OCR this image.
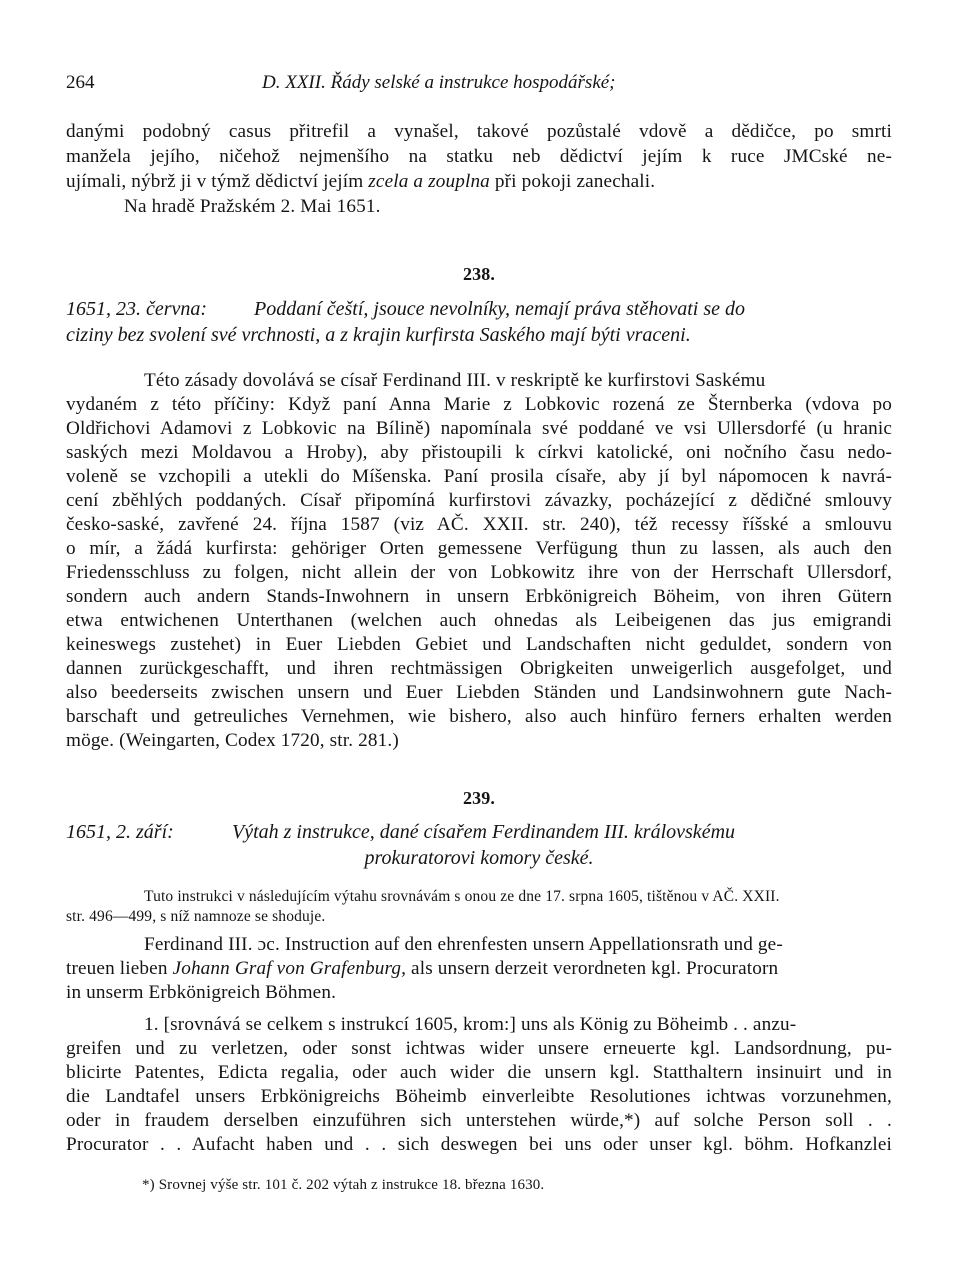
264	D. XXII. Řády selské a instrukce hospodářské;
danými podobný casus přitrefil a vynašel, takové pozůstalé vdově a dědičce, po smrti
manžela jejího, ničehož nejmenšího na statku neb dědictví jejím k ruce JMCské ne-
ujímali, nýbrž ji v týmž dědictví jejím zcela a zouplna při pokoji zanechali.
Na hradě Pražském 2. Mai 1651.
238.
1651, 23. června: Poddaní čeští, jsouce nevolníky, nemají práva stěhovati se do
ciziny bez svolení své vrchnosti, a z krajin kurfirsta Saského mají býti vraceni.
Této zásady dovolává se císař Ferdinand III. v reskriptě ke kurfirstovi Saskému
vydaném z této příčiny: Když paní Anna Marie z Lobkovic rozená ze Šternberka (vdova po
Oldřichovi Adamovi z Lobkovic na Bílině) napomínala své poddané ve vsi Ullersdorfé (u hranic
saských mezi Moldavou a Hroby), aby přistoupili k církvi katolické, oni nočního času nedo-
voleně se vzchopili a utekli do Míšenska. Paní prosila císaře, aby jí byl nápomocen k navrá-
cení zběhlých poddaných. Císař připomíná kurfirstovi závazky, pocházející z dědičné smlouvy
česko-saské, zavřené 24. října 1587 (viz AČ. XXII. str. 240), též recessy říšské a smlouvu
o mír, a žádá kurfirsta: gehöriger Orten gemessene Verfügung thun zu lassen, als auch den
Friedensschluss zu folgen, nicht allein der von Lobkowitz ihre von der Herrschaft Ullersdorf,
sondern auch andern Stands-Inwohnern in unsern Erbkönigreich Böheim, von ihren Gütern
etwa entwichenen Unterthanen (welchen auch ohnedas als Leibeigenen das jus emigrandi
keineswegs zustehet) in Euer Liebden Gebiet und Landschaften nicht geduldet, sondern von
dannen zurückgeschafft, und ihren rechtmässigen Obrigkeiten unweigerlich ausgefolget, und
also beederseits zwischen unsern und Euer Liebden Ständen und Landsinwohnern gute Nach-
barschaft und getreuliches Vernehmen, wie bishero, also auch hinfüro ferners erhalten werden
möge. (Weingarten, Codex 1720, str. 281.)
239.
1651, 2. září:	Výtah z instrukce, dané císařem Ferdinandem III. královskému
prokuratorovi komory české.
Tuto instrukci v následujícím výtahu srovnávám s onou ze dne 17. srpna 1605, tištěnou v AČ. XXII.
str. 496—499, s níž namnoze se shoduje.
Ferdinand III. ɔc. Instruction auf den ehrenfesten unsern Appellationsrath und ge-
treuen lieben Johann Graf von Grafenburg, als unsern derzeit verordneten kgl. Procuratorn
in unserm Erbkönigreich Böhmen.
1. [srovnává se celkem s instrukcí 1605, krom:] uns als König zu Böheimb . . anzu-
greifen und zu verletzen, oder sonst ichtwas wider unsere erneuerte kgl. Landsordnung, pu-
blicirte Patentes, Edicta regalia, oder auch wider die unsern kgl. Statthaltern insinuirt und in
die Landtafel unsers Erbkönigreichs Böheimb einverleibte Resolutiones ichtwas vorzunehmen,
oder in fraudem derselben einzuführen sich unterstehen würde,*) auf solche Person soll . .
Procurator . . Aufacht haben und . . sich deswegen bei uns oder unser kgl. böhm. Hofkanzlei
*) Srovnej výše str. 101 č. 202 výtah z instrukce 18. března 1630.
